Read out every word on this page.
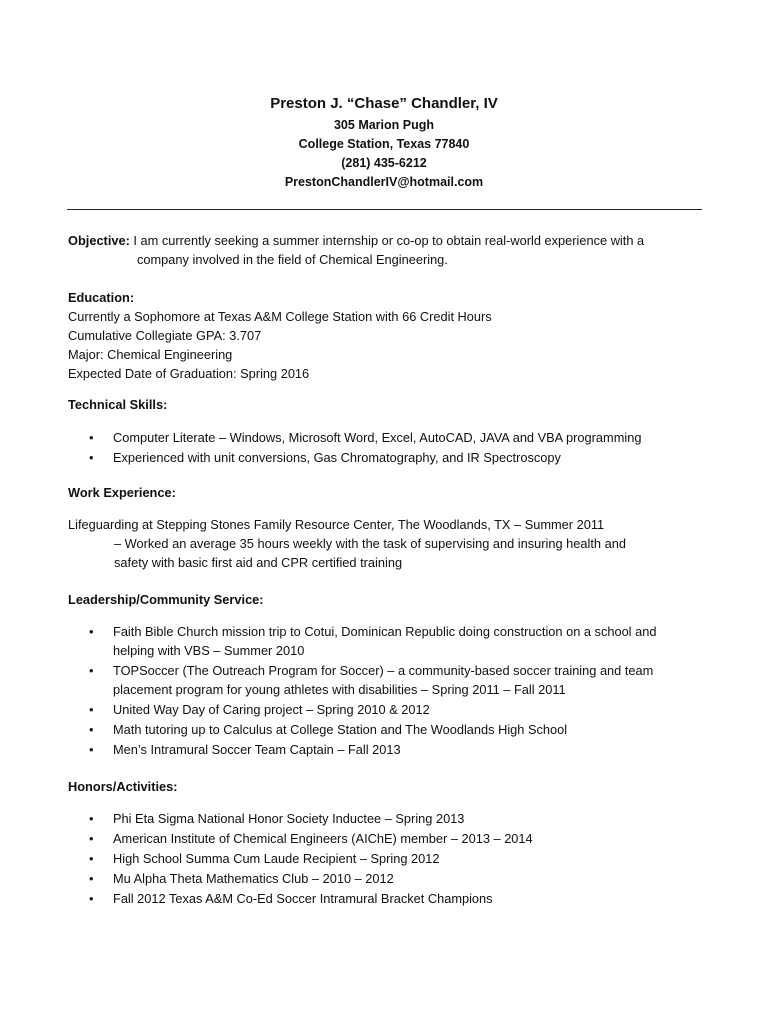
Preston J. “Chase” Chandler, IV
305 Marion Pugh
College Station, Texas 77840
(281) 435-6212
PrestonChandlerIV@hotmail.com
Objective: I am currently seeking a summer internship or co-op to obtain real-world experience with a
company involved in the field of Chemical Engineering.
Education:
Currently a Sophomore at Texas A&M College Station with 66 Credit Hours
Cumulative Collegiate GPA: 3.707
Major: Chemical Engineering
Expected Date of Graduation: Spring 2016
Technical Skills:
• Computer Literate – Windows, Microsoft Word, Excel, AutoCAD, JAVA and VBA programming
• Experienced with unit conversions, Gas Chromatography, and IR Spectroscopy
Work Experience:
Lifeguarding at Stepping Stones Family Resource Center, The Woodlands, TX – Summer 2011
– Worked an average 35 hours weekly with the task of supervising and insuring health and
safety with basic first aid and CPR certified training
Leadership/Community Service:
• Faith Bible Church mission trip to Cotui, Dominican Republic doing construction on a school and
helping with VBS – Summer 2010
• TOPSoccer (The Outreach Program for Soccer) – a community-based soccer training and team
placement program for young athletes with disabilities – Spring 2011 – Fall 2011
• United Way Day of Caring project – Spring 2010 & 2012
• Math tutoring up to Calculus at College Station and The Woodlands High School
• Men’s Intramural Soccer Team Captain – Fall 2013
Honors/Activities:
• Phi Eta Sigma National Honor Society Inductee – Spring 2013
• American Institute of Chemical Engineers (AIChE) member – 2013 – 2014
• High School Summa Cum Laude Recipient – Spring 2012
• Mu Alpha Theta Mathematics Club – 2010 – 2012
• Fall 2012 Texas A&M Co-Ed Soccer Intramural Bracket Champions
